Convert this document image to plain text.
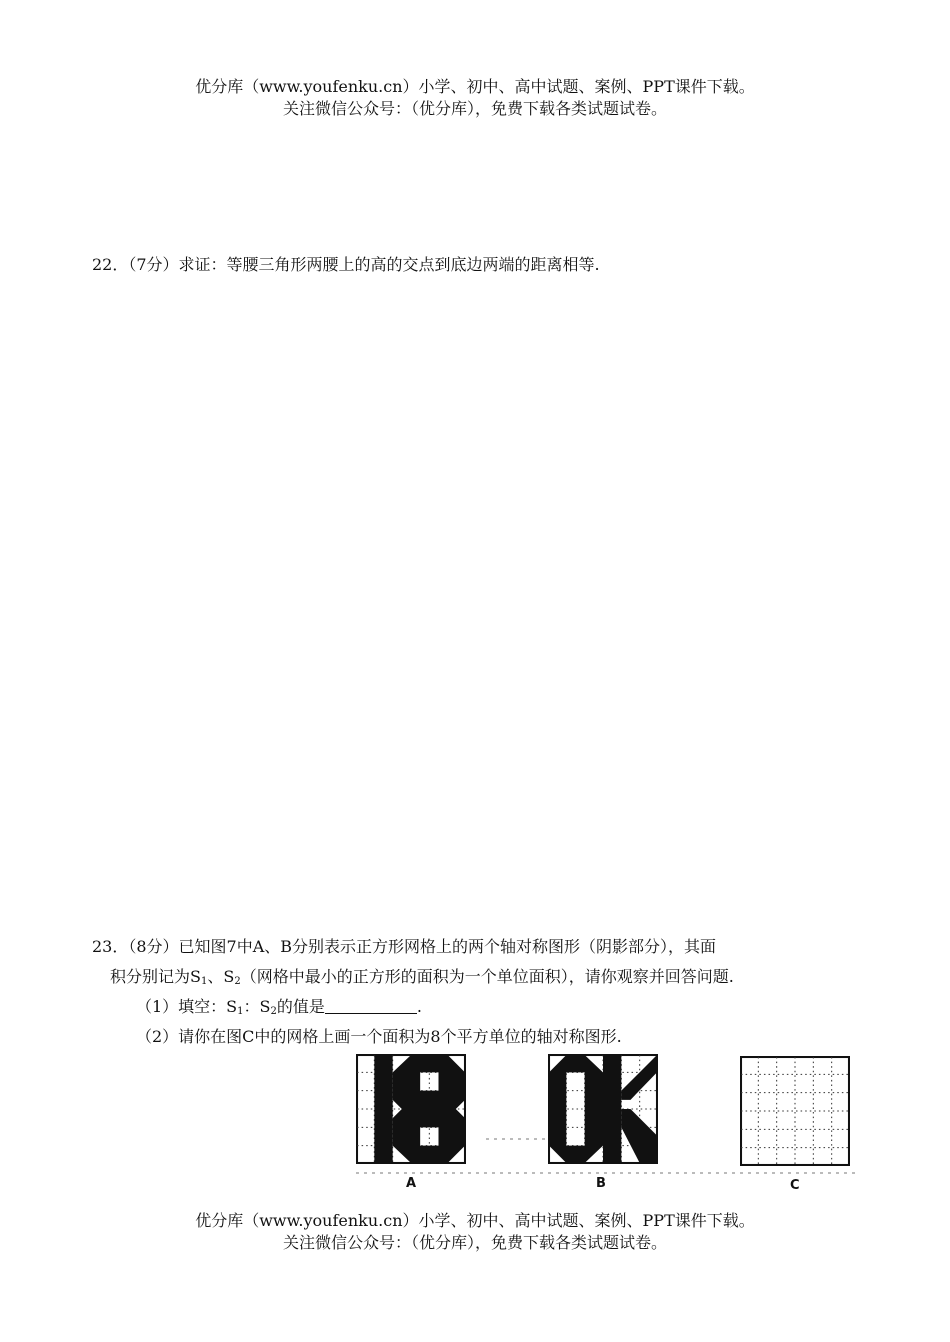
优分库（www.youfenku.cn）小学、初中、高中试题、案例、PPT课件下载。
关注微信公众号：（优分库），免费下载各类试题试卷。
22．（7分）求证：等腰三角形两腰上的高的交点到底边两端的距离相等.
23．（8分）已知图7中A、B分别表示正方形网格上的两个轴对称图形（阴影部分），其面
积分别记为$S_1$、$S_2$（网格中最小的正方形的面积为一个单位面积），请你观察并回答问题.
（1）填空：$S_1$：$S_2$的值是	.
（2）请你在图C中的网格上画一个面积为8个平方单位的轴对称图形.
A	B	C
优分库（www.youfenku.cn）小学、初中、高中试题、案例、PPT课件下载。
关注微信公众号：（优分库），免费下载各类试题试卷。
